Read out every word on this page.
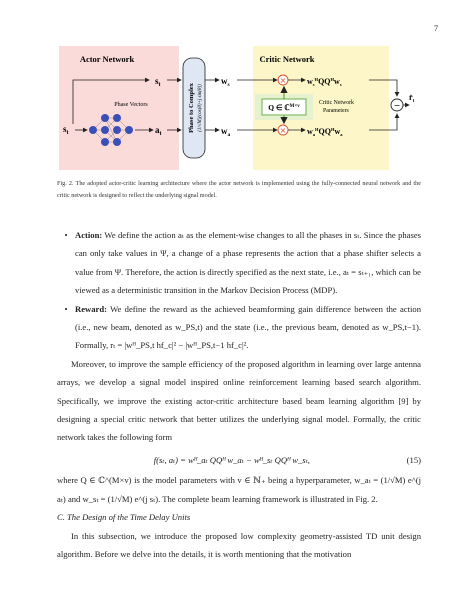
7
Actor Network	Critic Network
$s_t$
$s_t$
$a_t$
Phase Vectors	Phase to Complex (1/√M)(cos(θ)+j sin(θ))
$w_s$
$w_a$
×
×
Q ∈ ℂ$^{M\times v}$
Critic Network
Parameters
$w_s^HQQ^Hw_s$
$w_a^HQQ^Hw_a$
−
$r̂_t$
Fig. 2. The adopted actor-critic learning architecture where the actor network is implemented using the fully-connected neural network and the critic network is designed to reflect the underlying signal model.
• Action: We define the action aₜ as the element-wise changes to all the phases in sₜ. Since the phases can only take values in Ψ, a change of a phase represents the action that a phase shifter selects a value from Ψ. Therefore, the action is directly specified as the next state, i.e., aₜ = sₜ₊₁, which can be viewed as a deterministic transition in the Markov Decision Process (MDP).
• Reward: We define the reward as the achieved beamforming gain difference between the action (i.e., new beam, denoted as w_PS,t) and the state (i.e., the previous beam, denoted as w_PS,t−1). Formally, rₜ = |wᴴ_PS,t hf_c|² − |wᴴ_PS,t−1 hf_c|².

Moreover, to improve the sample efficiency of the proposed algorithm in learning over large antenna arrays, we develop a signal model inspired online reinforcement learning based search algorithm. Specifically, we improve the existing actor-critic architecture based beam learning algorithm [9] by designing a special critic network that better utilizes the underlying signal model. Formally, the critic network takes the following form

f(sₜ, aₜ) = wᴴ_aₜ QQᴴ w_aₜ − wᴴ_sₜ QQᴴ w_sₜ,	(15)

where Q ∈ ℂ^(M×v) is the model parameters with v ∈ ℕ₊ being a hyperparameter, w_aₜ = (1/√M) e^(j aₜ) and w_sₜ = (1/√M) e^(j sₜ). The complete beam learning framework is illustrated in Fig. 2.

C. The Design of the Time Delay Units

In this subsection, we introduce the proposed low complexity geometry-assisted TD unit design algorithm. Before we delve into the details, it is worth mentioning that the motivation
